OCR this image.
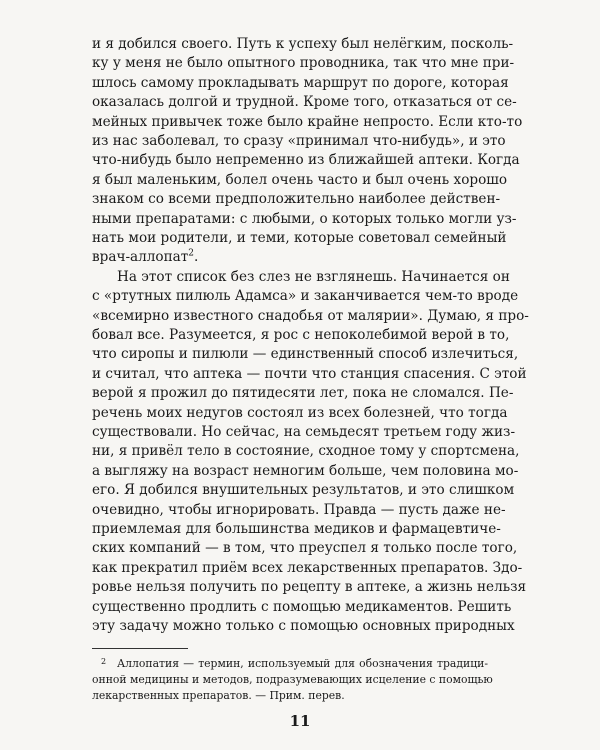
и я добился своего. Путь к успеху был нелёгким, посколь-
ку у меня не было опытного проводника, так что мне при-
шлось самому прокладывать маршрут по дороге, которая
оказалась долгой и трудной. Кроме того, отказаться от се-
мейных привычек тоже было крайне непросто. Если кто-то
из нас заболевал, то сразу «принимал что-нибудь», и это
что-нибудь было непременно из ближайшей аптеки. Когда
я был маленьким, болел очень часто и был очень хорошо
знаком со всеми предположительно наиболее действен-
ными препаратами: с любыми, о которых только могли уз-
нать мои родители, и теми, которые советовал семейный
врач-аллопат$^2$.
На этот список без слез не взглянешь. Начинается он
с «ртутных пилюль Адамса» и заканчивается чем-то вроде
«всемирно известного снадобья от малярии». Думаю, я про-
бовал все. Разумеется, я рос с непоколебимой верой в то,
что сиропы и пилюли — единственный способ излечиться,
и считал, что аптека — почти что станция спасения. С этой
верой я прожил до пятидесяти лет, пока не сломался. Пе-
речень моих недугов состоял из всех болезней, что тогда
существовали. Но сейчас, на семьдесят третьем году жиз-
ни, я привёл тело в состояние, сходное тому у спортсмена,
а выгляжу на возраст немногим больше, чем половина мо-
его. Я добился внушительных результатов, и это слишком
очевидно, чтобы игнорировать. Правда — пусть даже не-
приемлемая для большинства медиков и фармацевтиче-
ских компаний — в том, что преуспел я только после того,
как прекратил приём всех лекарственных препаратов. Здо-
ровье нельзя получить по рецепту в аптеке, а жизнь нельзя
существенно продлить с помощью медикаментов. Решить
эту задачу можно только с помощью основных природных
2 Аллопатия — термин, используемый для обозначения традици-
онной медицины и методов, подразумевающих исцеление с помощью
лекарственных препаратов. — Прим. перев.
11
